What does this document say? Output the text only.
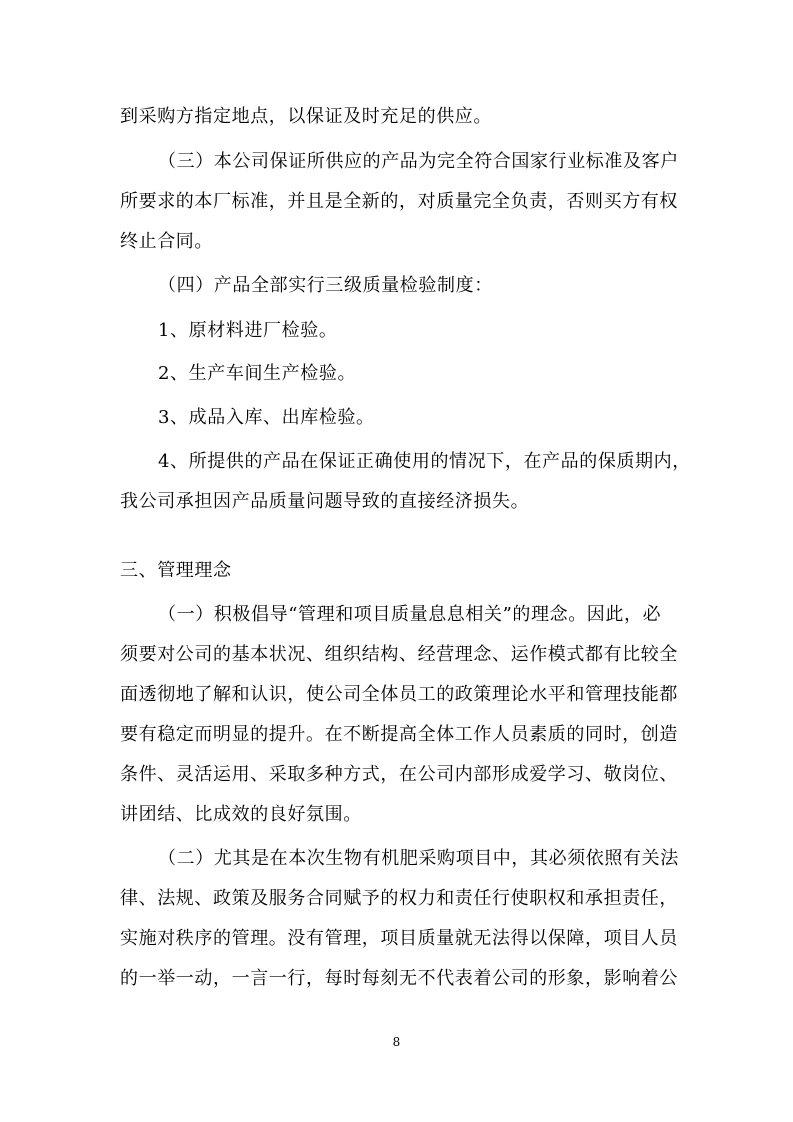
到采购方指定地点，以保证及时充足的供应。
（三）本公司保证所供应的产品为完全符合国家行业标准及客户
所要求的本厂标准，并且是全新的，对质量完全负责，否则买方有权
终止合同。
（四）产品全部实行三级质量检验制度：
1、原材料进厂检验。
2、生产车间生产检验。
3、成品入库、出库检验。
4、所提供的产品在保证正确使用的情况下，在产品的保质期内，
我公司承担因产品质量问题导致的直接经济损失。
三、管理理念
（一）积极倡导“管理和项目质量息息相关”的理念。因此，必
须要对公司的基本状况、组织结构、经营理念、运作模式都有比较全
面透彻地了解和认识，使公司全体员工的政策理论水平和管理技能都
要有稳定而明显的提升。在不断提高全体工作人员素质的同时，创造
条件、灵活运用、采取多种方式，在公司内部形成爱学习、敬岗位、
讲团结、比成效的良好氛围。
（二）尤其是在本次生物有机肥采购项目中，其必须依照有关法
律、法规、政策及服务合同赋予的权力和责任行使职权和承担责任，
实施对秩序的管理。没有管理，项目质量就无法得以保障，项目人员
的一举一动，一言一行，每时每刻无不代表着公司的形象，影响着公
8
